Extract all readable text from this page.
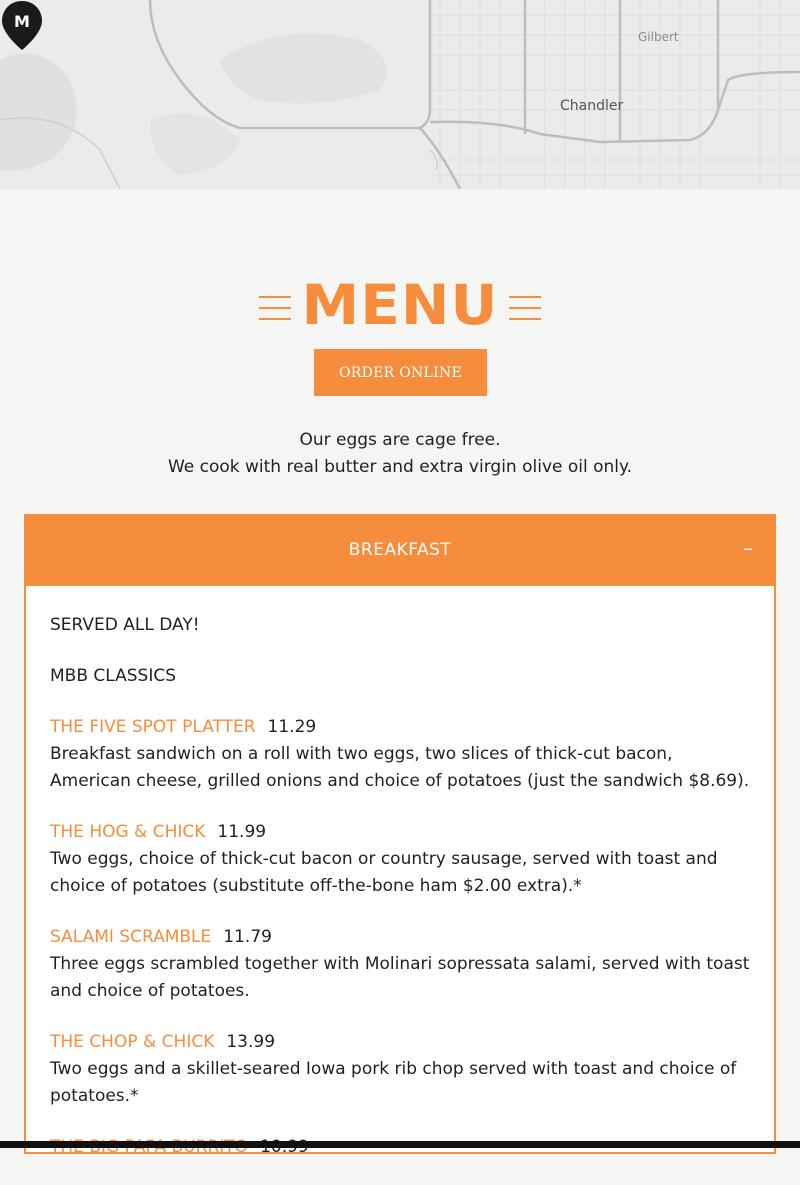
Gilbert
Chandler
M
MENU
ORDER ONLINE
Our eggs are cage free.
We cook with real butter and extra virgin olive oil only.
BREAKFAST	–

SERVED ALL DAY!

MBB CLASSICS

THE FIVE SPOT PLATTER 11.29

Breakfast sandwich on a roll with two eggs, two slices of thick-cut bacon, American cheese, grilled onions and choice of potatoes (just the sandwich $8.69).

THE HOG & CHICK 11.99

Two eggs, choice of thick-cut bacon or country sausage, served with toast and choice of potatoes (substitute off-the-bone ham $2.00 extra).*

SALAMI SCRAMBLE 11.79

Three eggs scrambled together with Molinari sopressata salami, served with toast and choice of potatoes.

THE CHOP & CHICK 13.99

Two eggs and a skillet-seared Iowa pork rib chop served with toast and choice of potatoes.*
